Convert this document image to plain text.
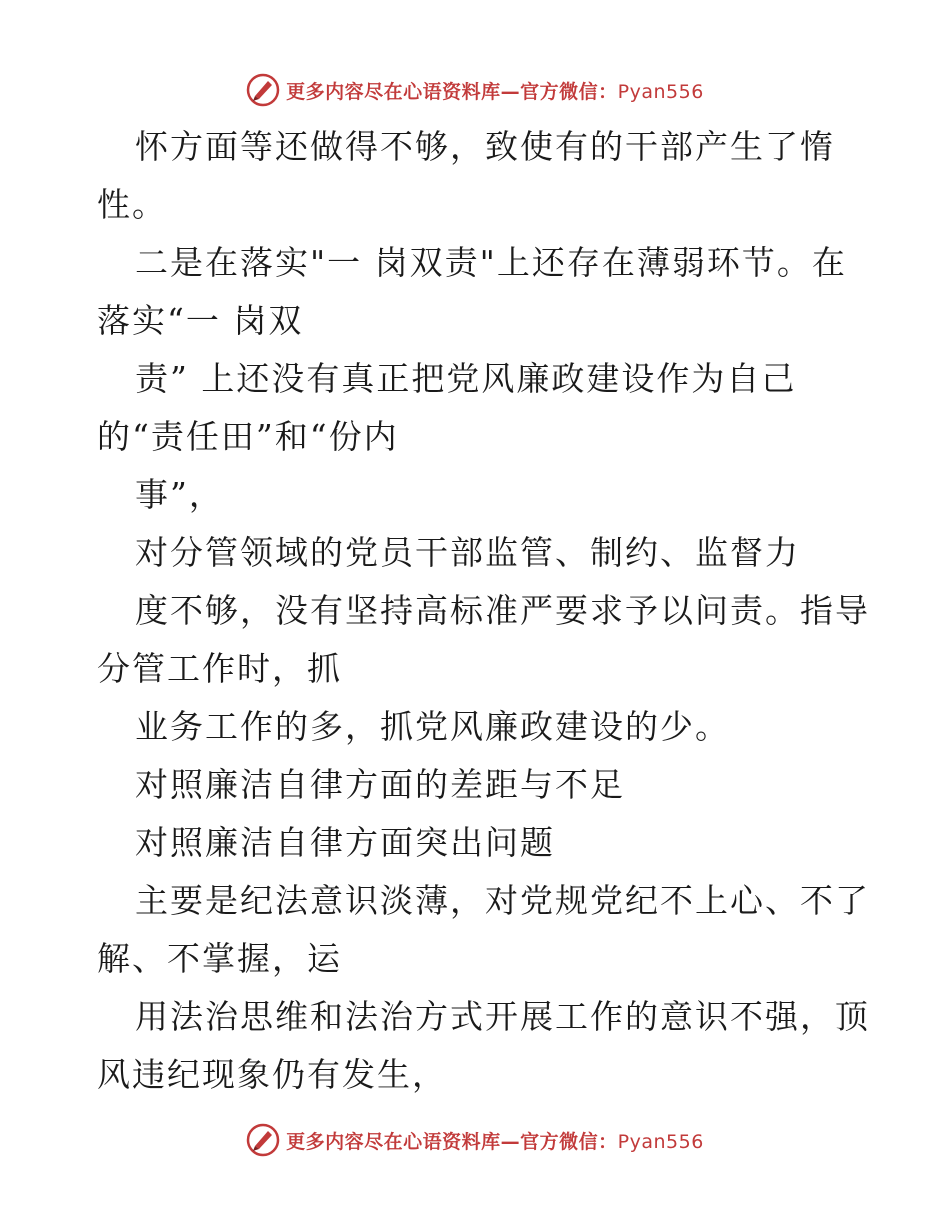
更多内容尽在心语资料库—官方微信：Pyan556
怀方面等还做得不够，致使有的干部产生了惰
性。
二是在落实"一 岗双责"上还存在薄弱环节。在
落实“一 岗双
责” 上还没有真正把党风廉政建设作为自己
的“责任田”和“份内
事”，
对分管领域的党员干部监管、制约、监督力
度不够，没有坚持高标准严要求予以问责。指导
分管工作时，抓
业务工作的多，抓党风廉政建设的少。
对照廉洁自律方面的差距与不足
对照廉洁自律方面突出问题
主要是纪法意识淡薄，对党规党纪不上心、不了
解、不掌握，运
用法治思维和法治方式开展工作的意识不强，顶
风违纪现象仍有发生，
更多内容尽在心语资料库—官方微信：Pyan556
